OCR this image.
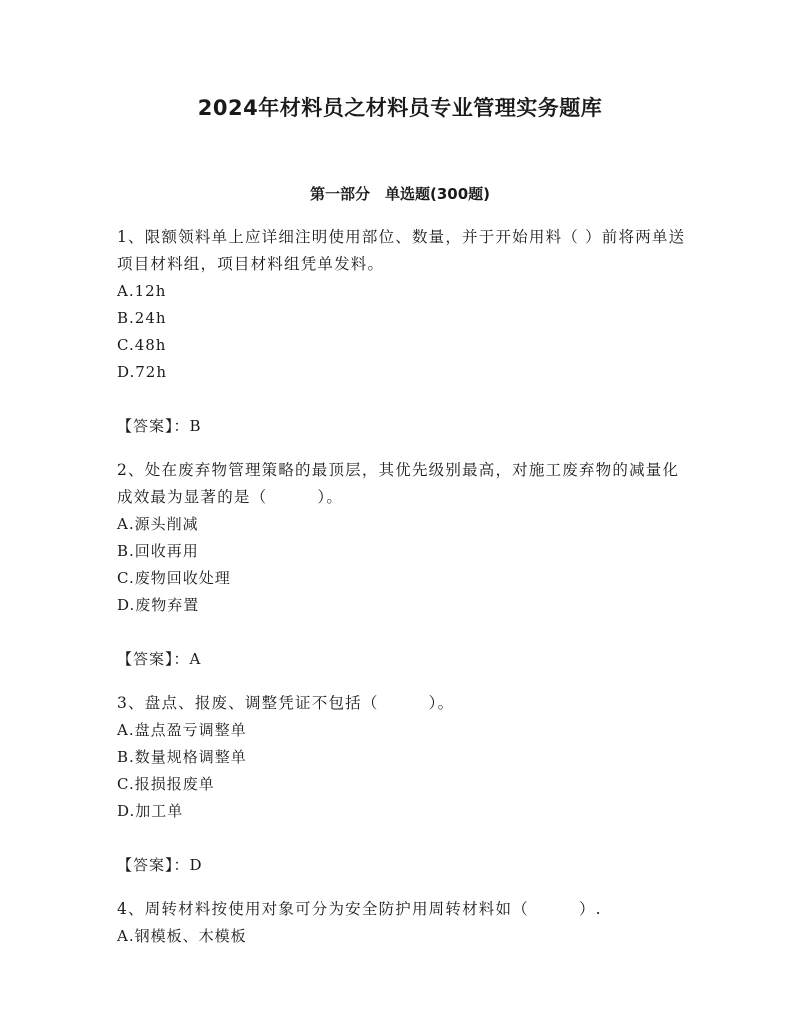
2024年材料员之材料员专业管理实务题库
第一部分　单选题(300题)

1、限额领料单上应详细注明使用部位、数量，并于开始用料（ ）前将两单送项目材料组，项目材料组凭单发料。

A.12h
B.24h
C.48h
D.72h

【答案】：B

2、处在废弃物管理策略的最顶层，其优先级别最高，对施工废弃物的减量化成效最为显著的是（　　　）。

A.源头削减
B.回收再用
C.废物回收处理
D.废物弃置

【答案】：A

3、盘点、报废、调整凭证不包括（　　　）。

A.盘点盈亏调整单
B.数量规格调整单
C.报损报废单
D.加工单

【答案】：D

4、周转材料按使用对象可分为安全防护用周转材料如（　　　）.

A.钢模板、木模板
